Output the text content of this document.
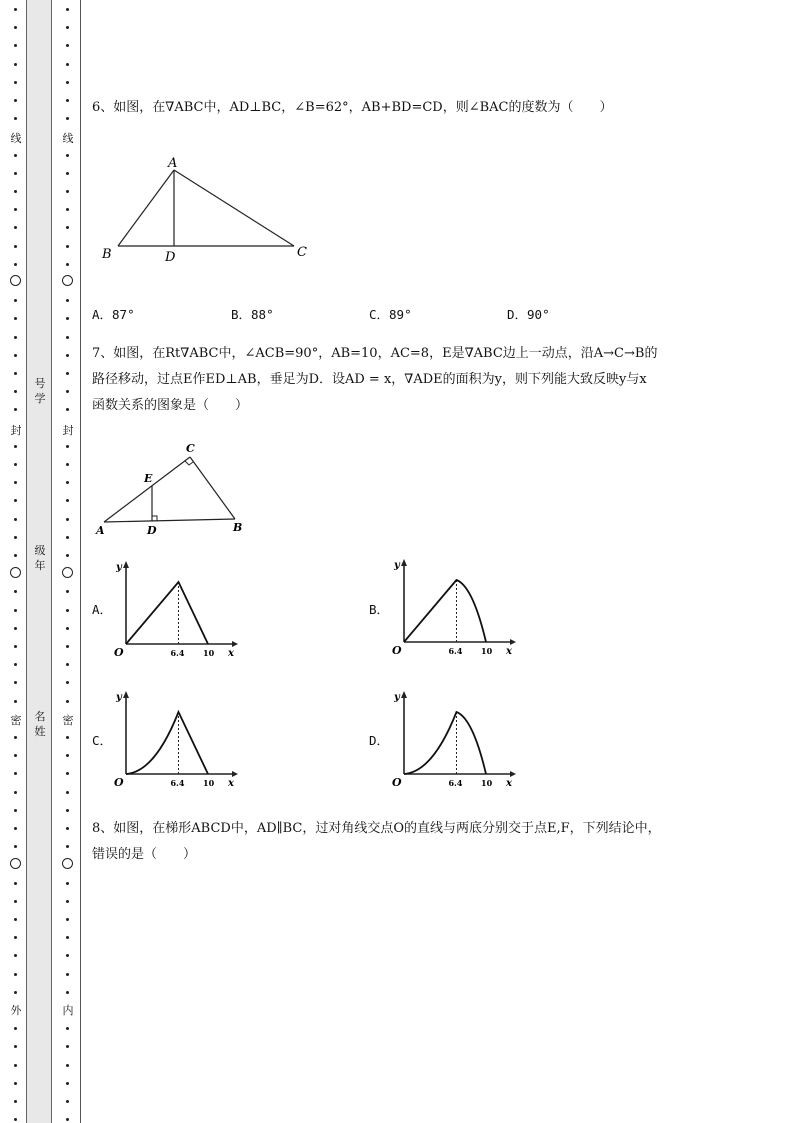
线
封
密
外
号
学
级
年
名
姓
线
封
密
内
6、如图，在∇ABC中，AD⊥BC，∠B=62°，AB+BD=CD，则∠BAC的度数为（　　）
A
B	D	C
A．87°	B．88°	C．89°	D．90°
7、如图，在Rt∇ABC中，∠ACB=90°，AB=10，AC=8，E是∇ABC边上一动点，沿A→C→B的
路径移动，过点E作ED⊥AB，垂足为D．设AD = x，∇ADE的面积为y，则下列能大致反映y与x
函数关系的图象是（　　）
C
E
A	D	B
A．	B．
C．	D．
y
x
O	6.4 10
y
x
O	6.4 10
y
x
O	6.4 10
y
x
O	6.4 10
8、如图，在梯形ABCD中，AD∥BC，过对角线交点O的直线与两底分别交于点E,F，下列结论中，
错误的是（　　）
